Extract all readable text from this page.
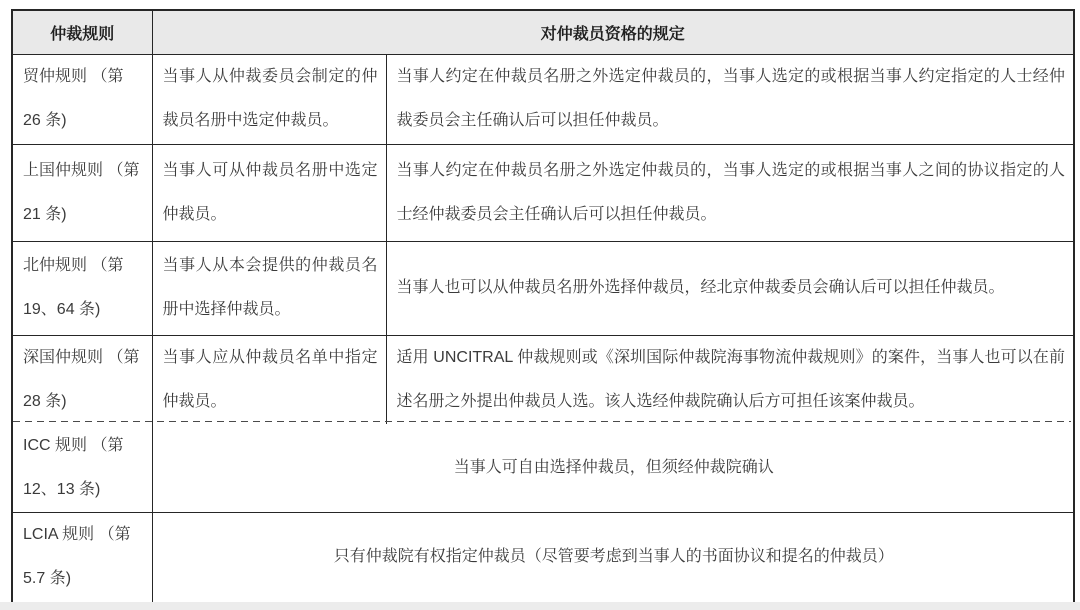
仲裁规则	对仲裁员资格的规定	

贸仲规则 （第
26 条)	当事人从仲裁委员会制定的仲裁员名册中选定仲裁员。	当事人约定在仲裁员名册之外选定仲裁员的，当事人选定的或根据当事人约定指定的人士经仲裁委员会主任确认后可以担任仲裁员。

上国仲规则 （第
21 条)	当事人可从仲裁员名册中选定仲裁员。	当事人约定在仲裁员名册之外选定仲裁员的，当事人选定的或根据当事人之间的协议指定的人士经仲裁委员会主任确认后可以担任仲裁员。

北仲规则 （第
19、64 条)	当事人从本会提供的仲裁员名册中选择仲裁员。	当事人也可以从仲裁员名册外选择仲裁员，经北京仲裁委员会确认后可以担任仲裁员。

深国仲规则 （第
28 条)	当事人应从仲裁员名单中指定仲裁员。	适用 UNCITRAL 仲裁规则或《深圳国际仲裁院海事物流仲裁规则》的案件，当事人也可以在前述名册之外提出仲裁员人选。该人选经仲裁院确认后方可担任该案仲裁员。

ICC 规则 （第
12、13 条)	当事人可自由选择仲裁员，但须经仲裁院确认	

LCIA 规则 （第
5.7 条)	只有仲裁院有权指定仲裁员（尽管要考虑到当事人的书面协议和提名的仲裁员）	
